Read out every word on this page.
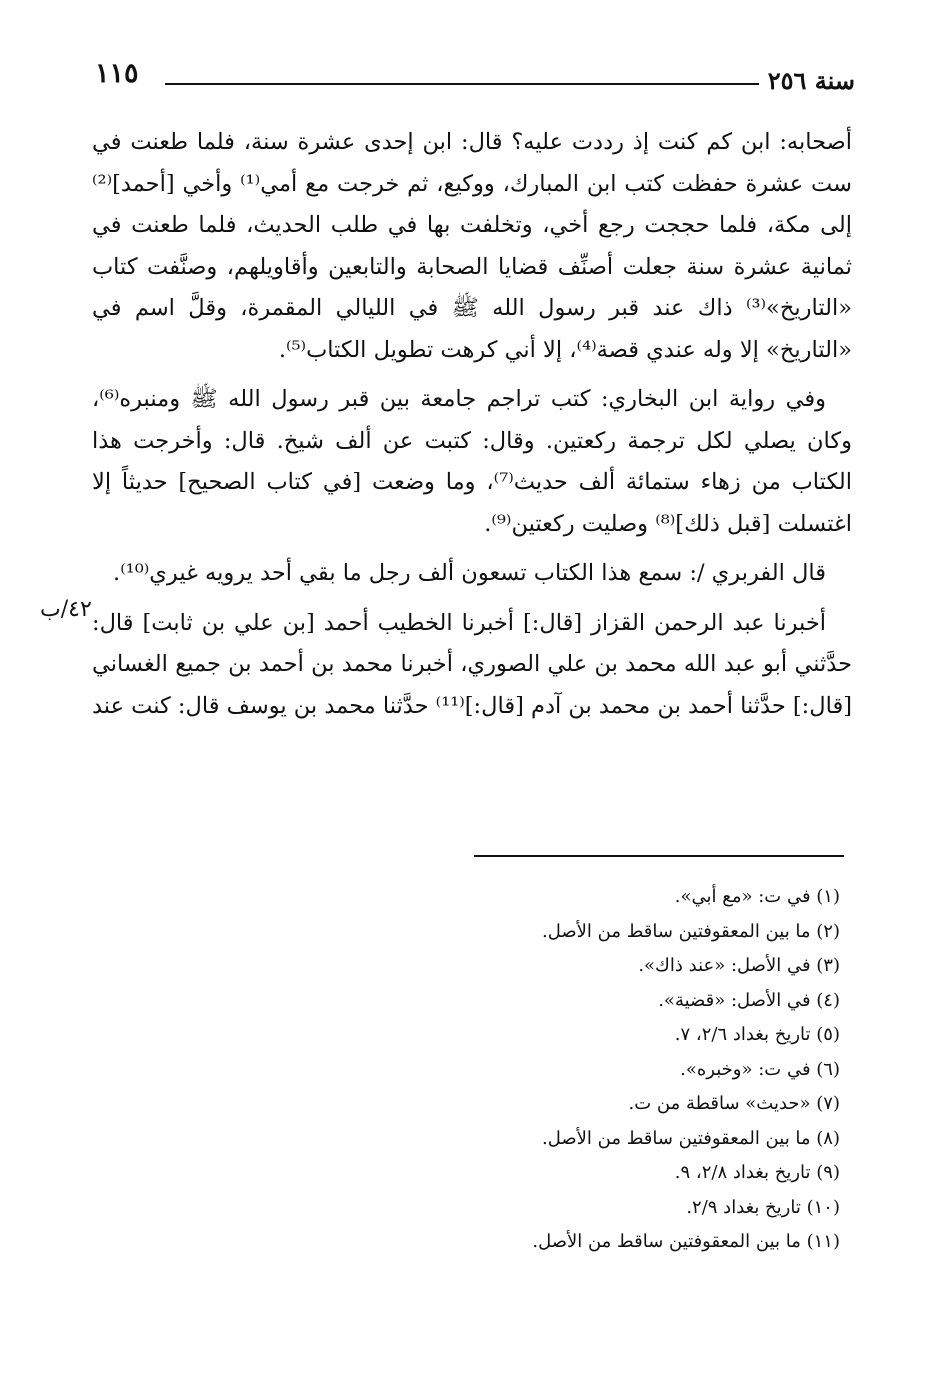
سنة ٢٥٦
١١٥

أصحابه: ابن كم كنت إذ رددت عليه؟ قال: ابن إحدى عشرة سنة، فلما طعنت في ست عشرة حفظت كتب ابن المبارك، ووكيع، ثم خرجت مع أمي⁽¹⁾ وأخي [أحمد]⁽²⁾ إلى مكة، فلما حججت رجع أخي، وتخلفت بها في طلب الحديث، فلما طعنت في ثمانية عشرة سنة جعلت أصنِّف قضايا الصحابة والتابعين وأقاويلهم، وصنَّفت كتاب «التاريخ»⁽³⁾ ذاك عند قبر رسول الله ﷺ في الليالي المقمرة، وقلَّ اسم في «التاريخ» إلا وله عندي قصة⁽⁴⁾، إلا أني كرهت تطويل الكتاب⁽⁵⁾.

وفي رواية ابن البخاري: كتب تراجم جامعة بين قبر رسول الله ﷺ ومنبره⁽⁶⁾، وكان يصلي لكل ترجمة ركعتين. وقال: كتبت عن ألف شيخ. قال: وأخرجت هذا الكتاب من زهاء ستمائة ألف حديث⁽⁷⁾، وما وضعت [في كتاب الصحيح] حديثاً إلا اغتسلت [قبل ذلك]⁽⁸⁾ وصليت ركعتين⁽⁹⁾.

قال الفربري /: سمع هذا الكتاب تسعون ألف رجل ما بقي أحد يرويه غيري⁽¹⁰⁾.

أخبرنا عبد الرحمن القزاز [قال:] أخبرنا الخطيب أحمد [بن علي بن ثابت] قال: حدَّثني أبو عبد الله محمد بن علي الصوري، أخبرنا محمد بن أحمد بن جميع الغساني [قال:] حدَّثنا أحمد بن محمد بن آدم [قال:]⁽¹¹⁾ حدَّثنا محمد بن يوسف قال: كنت عند

٤٢/ب
(١) في ت: «مع أبي».
(٢) ما بين المعقوفتين ساقط من الأصل.
(٣) في الأصل: «عند ذاك».
(٤) في الأصل: «قضية».
(٥) تاريخ بغداد ٢/٦، ٧.
(٦) في ت: «وخبره».
(٧) «حديث» ساقطة من ت.
(٨) ما بين المعقوفتين ساقط من الأصل.
(٩) تاريخ بغداد ٢/٨، ٩.
(١٠) تاريخ بغداد ٢/٩.
(١١) ما بين المعقوفتين ساقط من الأصل.
